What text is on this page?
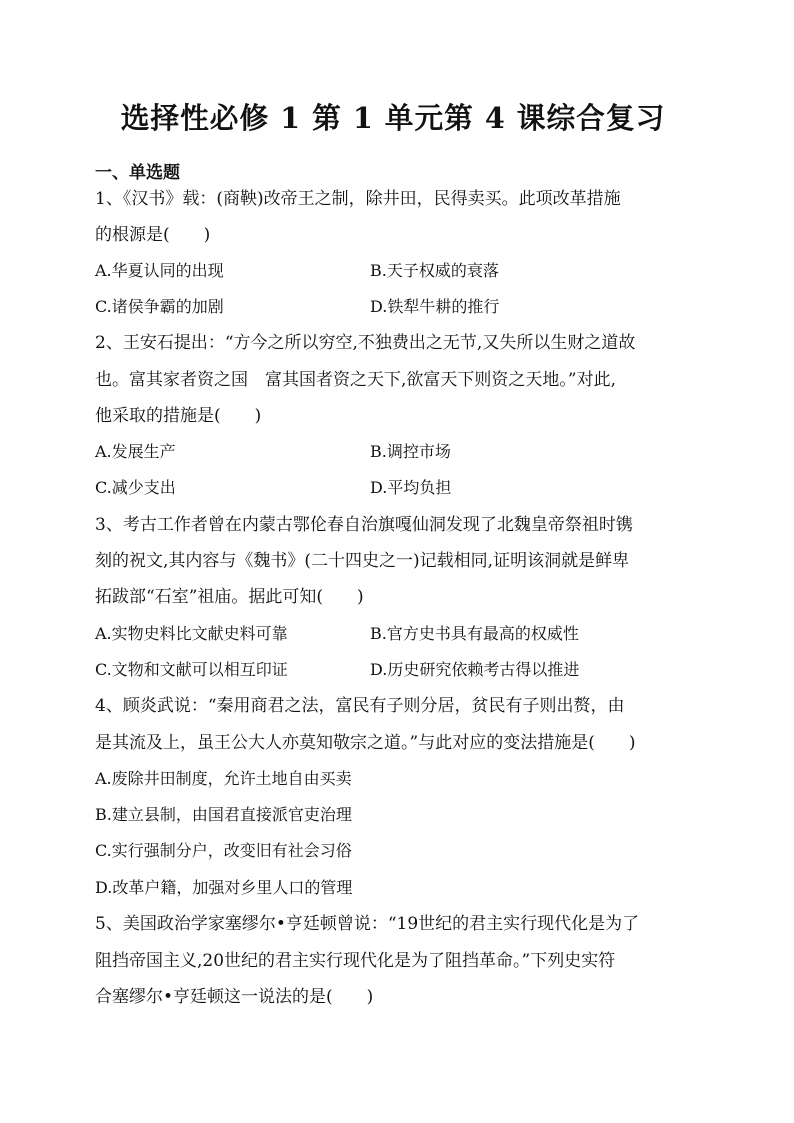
选择性必修 1 第 1 单元第 4 课综合复习
一、单选题
1、《汉书》载：(商鞅)改帝王之制，除井田，民得卖买。此项改革措施
的根源是(　　)
A.华夏认同的出现	B.天子权威的衰落
C.诸侯争霸的加剧	D.铁犁牛耕的推行
2、王安石提出：“方今之所以穷空,不独费出之无节,又失所以生财之道故
也。富其家者资之国　富其国者资之天下,欲富天下则资之天地。”对此,
他采取的措施是(　　)
A.发展生产	B.调控市场
C.减少支出	D.平均负担
3、考古工作者曾在内蒙古鄂伦春自治旗嘎仙洞发现了北魏皇帝祭祖时镌
刻的祝文,其内容与《魏书》(二十四史之一)记载相同,证明该洞就是鲜卑
拓跋部“石室”祖庙。据此可知(　　)
A.实物史料比文献史料可靠	B.官方史书具有最高的权威性
C.文物和文献可以相互印证	D.历史研究依赖考古得以推进
4、顾炎武说：“秦用商君之法，富民有子则分居，贫民有子则出赘，由
是其流及上，虽王公大人亦莫知敬宗之道。”与此对应的变法措施是(　　)
A.废除井田制度，允许土地自由买卖
B.建立县制，由国君直接派官吏治理
C.实行强制分户，改变旧有社会习俗
D.改革户籍，加强对乡里人口的管理
5、美国政治学家塞缪尔•亨廷顿曾说：“19世纪的君主实行现代化是为了
阻挡帝国主义,20世纪的君主实行现代化是为了阻挡革命。”下列史实符
合塞缪尔•亨廷顿这一说法的是(　　)
